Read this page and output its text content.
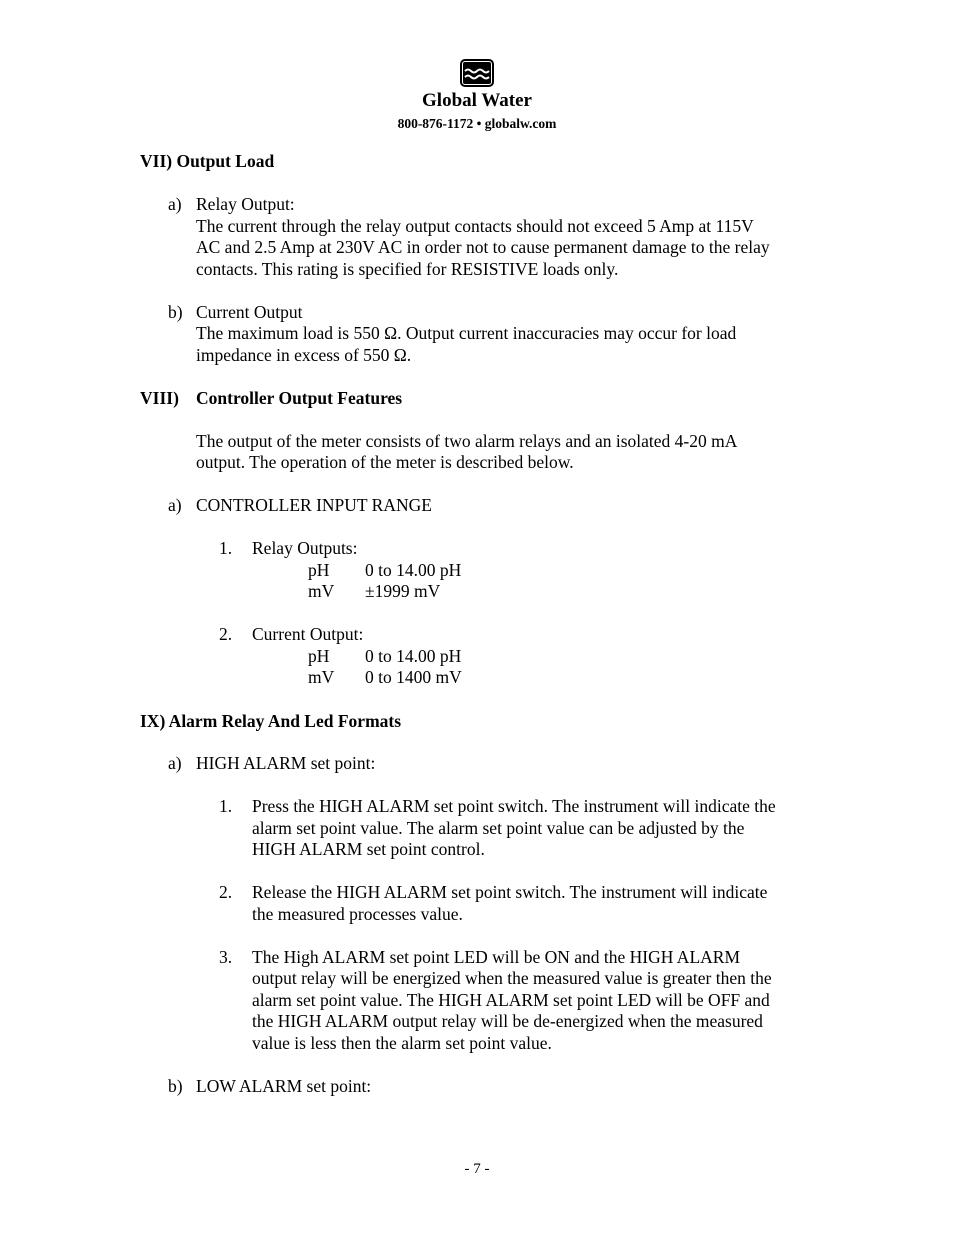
Global Water
800-876-1172 • globalw.com
VII) Output Load
a) Relay Output:
The current through the relay output contacts should not exceed 5 Amp at 115V
AC and 2.5 Amp at 230V AC in order not to cause permanent damage to the relay
contacts. This rating is specified for RESISTIVE loads only.
b) Current Output
The maximum load is 550 Ω. Output current inaccuracies may occur for load
impedance in excess of 550 Ω.
VIII) Controller Output Features
The output of the meter consists of two alarm relays and an isolated 4-20 mA
output. The operation of the meter is described below.
a) CONTROLLER INPUT RANGE
1. Relay Outputs:
pH 0 to 14.00 pH
mV ±1999 mV
2. Current Output:
pH 0 to 14.00 pH
mV 0 to 1400 mV
IX) Alarm Relay And Led Formats
a) HIGH ALARM set point:
1. Press the HIGH ALARM set point switch. The instrument will indicate the
alarm set point value. The alarm set point value can be adjusted by the
HIGH ALARM set point control.
2. Release the HIGH ALARM set point switch. The instrument will indicate
the measured processes value.
3. The High ALARM set point LED will be ON and the HIGH ALARM
output relay will be energized when the measured value is greater then the
alarm set point value. The HIGH ALARM set point LED will be OFF and
the HIGH ALARM output relay will be de-energized when the measured
value is less then the alarm set point value.
b) LOW ALARM set point:
- 7 -
